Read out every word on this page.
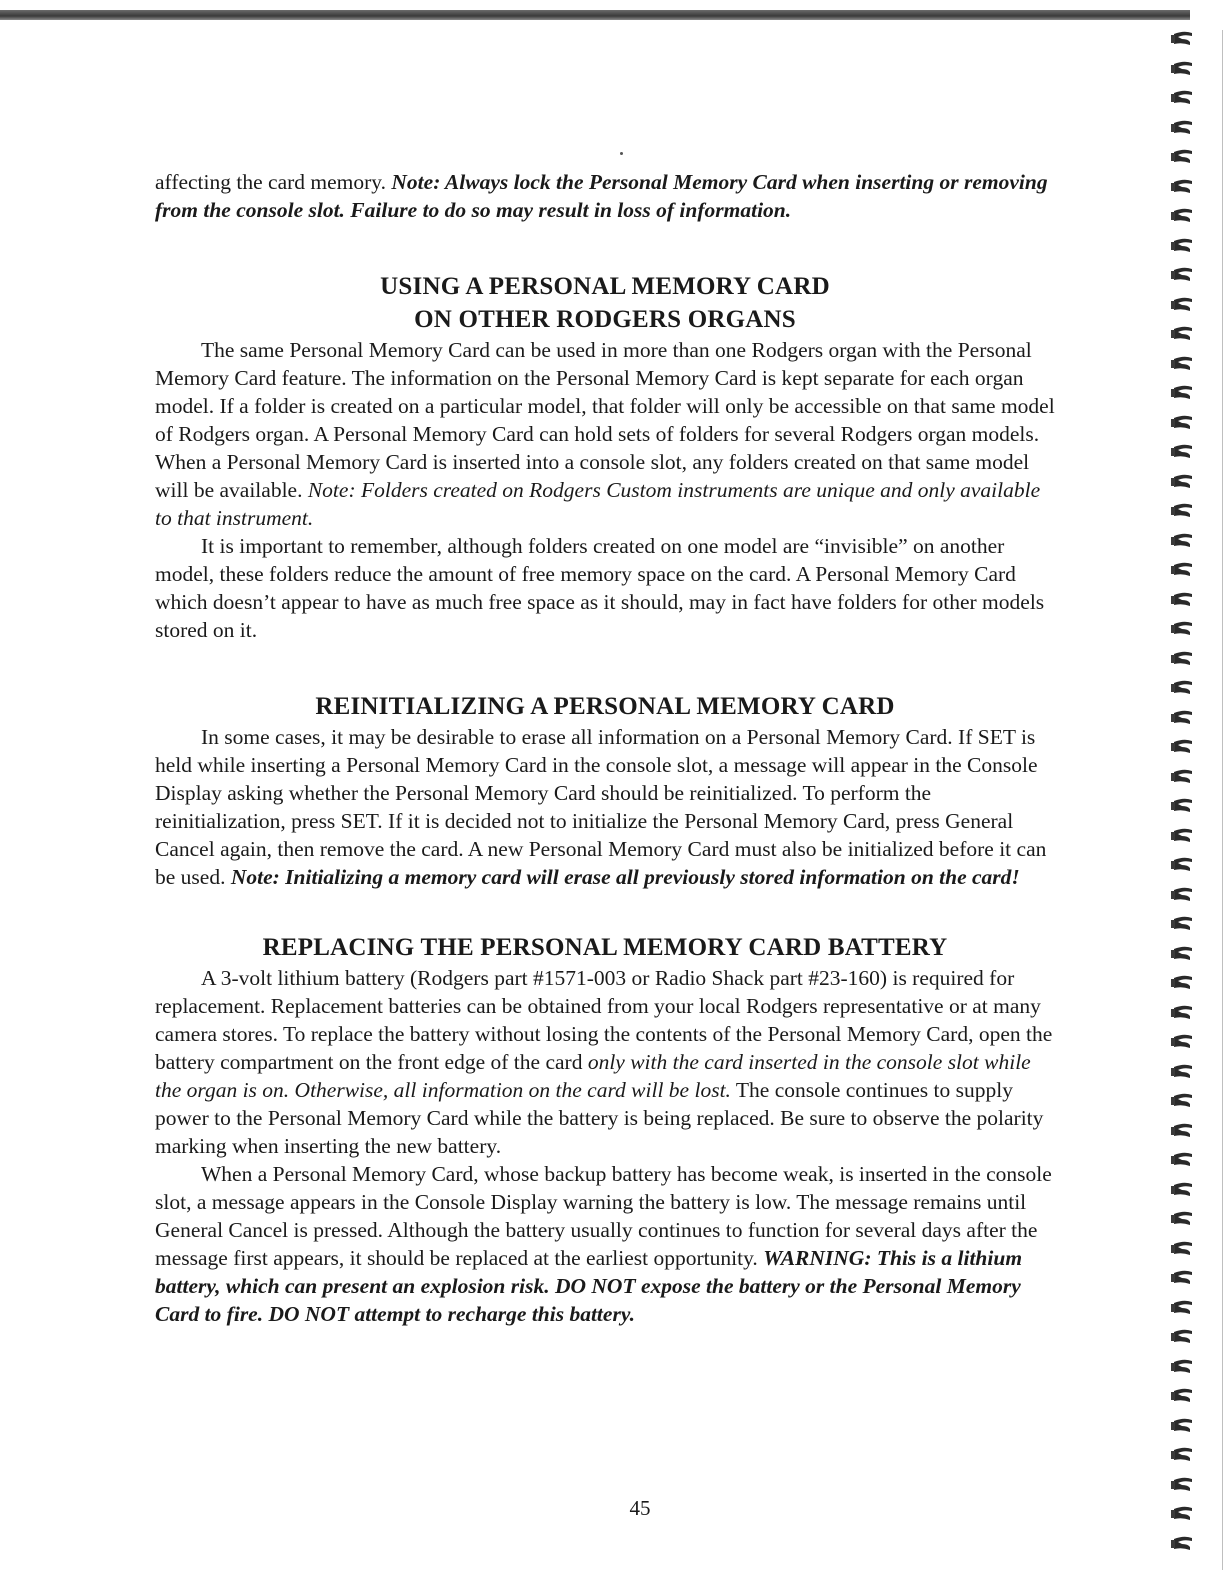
affecting the card memory. Note: Always lock the Personal Memory Card when inserting or removing from the console slot. Failure to do so may result in loss of information.

USING A PERSONAL MEMORY CARD
ON OTHER RODGERS ORGANS

The same Personal Memory Card can be used in more than one Rodgers organ with the Personal Memory Card feature. The information on the Personal Memory Card is kept separate for each organ model. If a folder is created on a particular model, that folder will only be accessible on that same model of Rodgers organ. A Personal Memory Card can hold sets of folders for several Rodgers organ models. When a Personal Memory Card is inserted into a console slot, any folders created on that same model will be available. Note: Folders created on Rodgers Custom instruments are unique and only available to that instrument.

It is important to remember, although folders created on one model are “invisible” on another model, these folders reduce the amount of free memory space on the card. A Personal Memory Card which doesn’t appear to have as much free space as it should, may in fact have folders for other models stored on it.

REINITIALIZING A PERSONAL MEMORY CARD

In some cases, it may be desirable to erase all information on a Personal Memory Card. If SET is held while inserting a Personal Memory Card in the console slot, a message will appear in the Console Display asking whether the Personal Memory Card should be reinitialized. To perform the reinitialization, press SET. If it is decided not to initialize the Personal Memory Card, press General Cancel again, then remove the card. A new Personal Memory Card must also be initialized before it can be used. Note: Initializing a memory card will erase all previously stored information on the card!

REPLACING THE PERSONAL MEMORY CARD BATTERY

A 3-volt lithium battery (Rodgers part #1571-003 or Radio Shack part #23-160) is required for replacement. Replacement batteries can be obtained from your local Rodgers representative or at many camera stores. To replace the battery without losing the contents of the Personal Memory Card, open the battery compartment on the front edge of the card only with the card inserted in the console slot while the organ is on. Otherwise, all information on the card will be lost. The console continues to supply power to the Personal Memory Card while the battery is being replaced. Be sure to observe the polarity marking when inserting the new battery.

When a Personal Memory Card, whose backup battery has become weak, is inserted in the console slot, a message appears in the Console Display warning the battery is low. The message remains until General Cancel is pressed. Although the battery usually continues to function for several days after the message first appears, it should be replaced at the earliest opportunity. WARNING: This is a lithium battery, which can present an explosion risk. DO NOT expose the battery or the Personal Memory Card to fire. DO NOT attempt to recharge this battery.

45
